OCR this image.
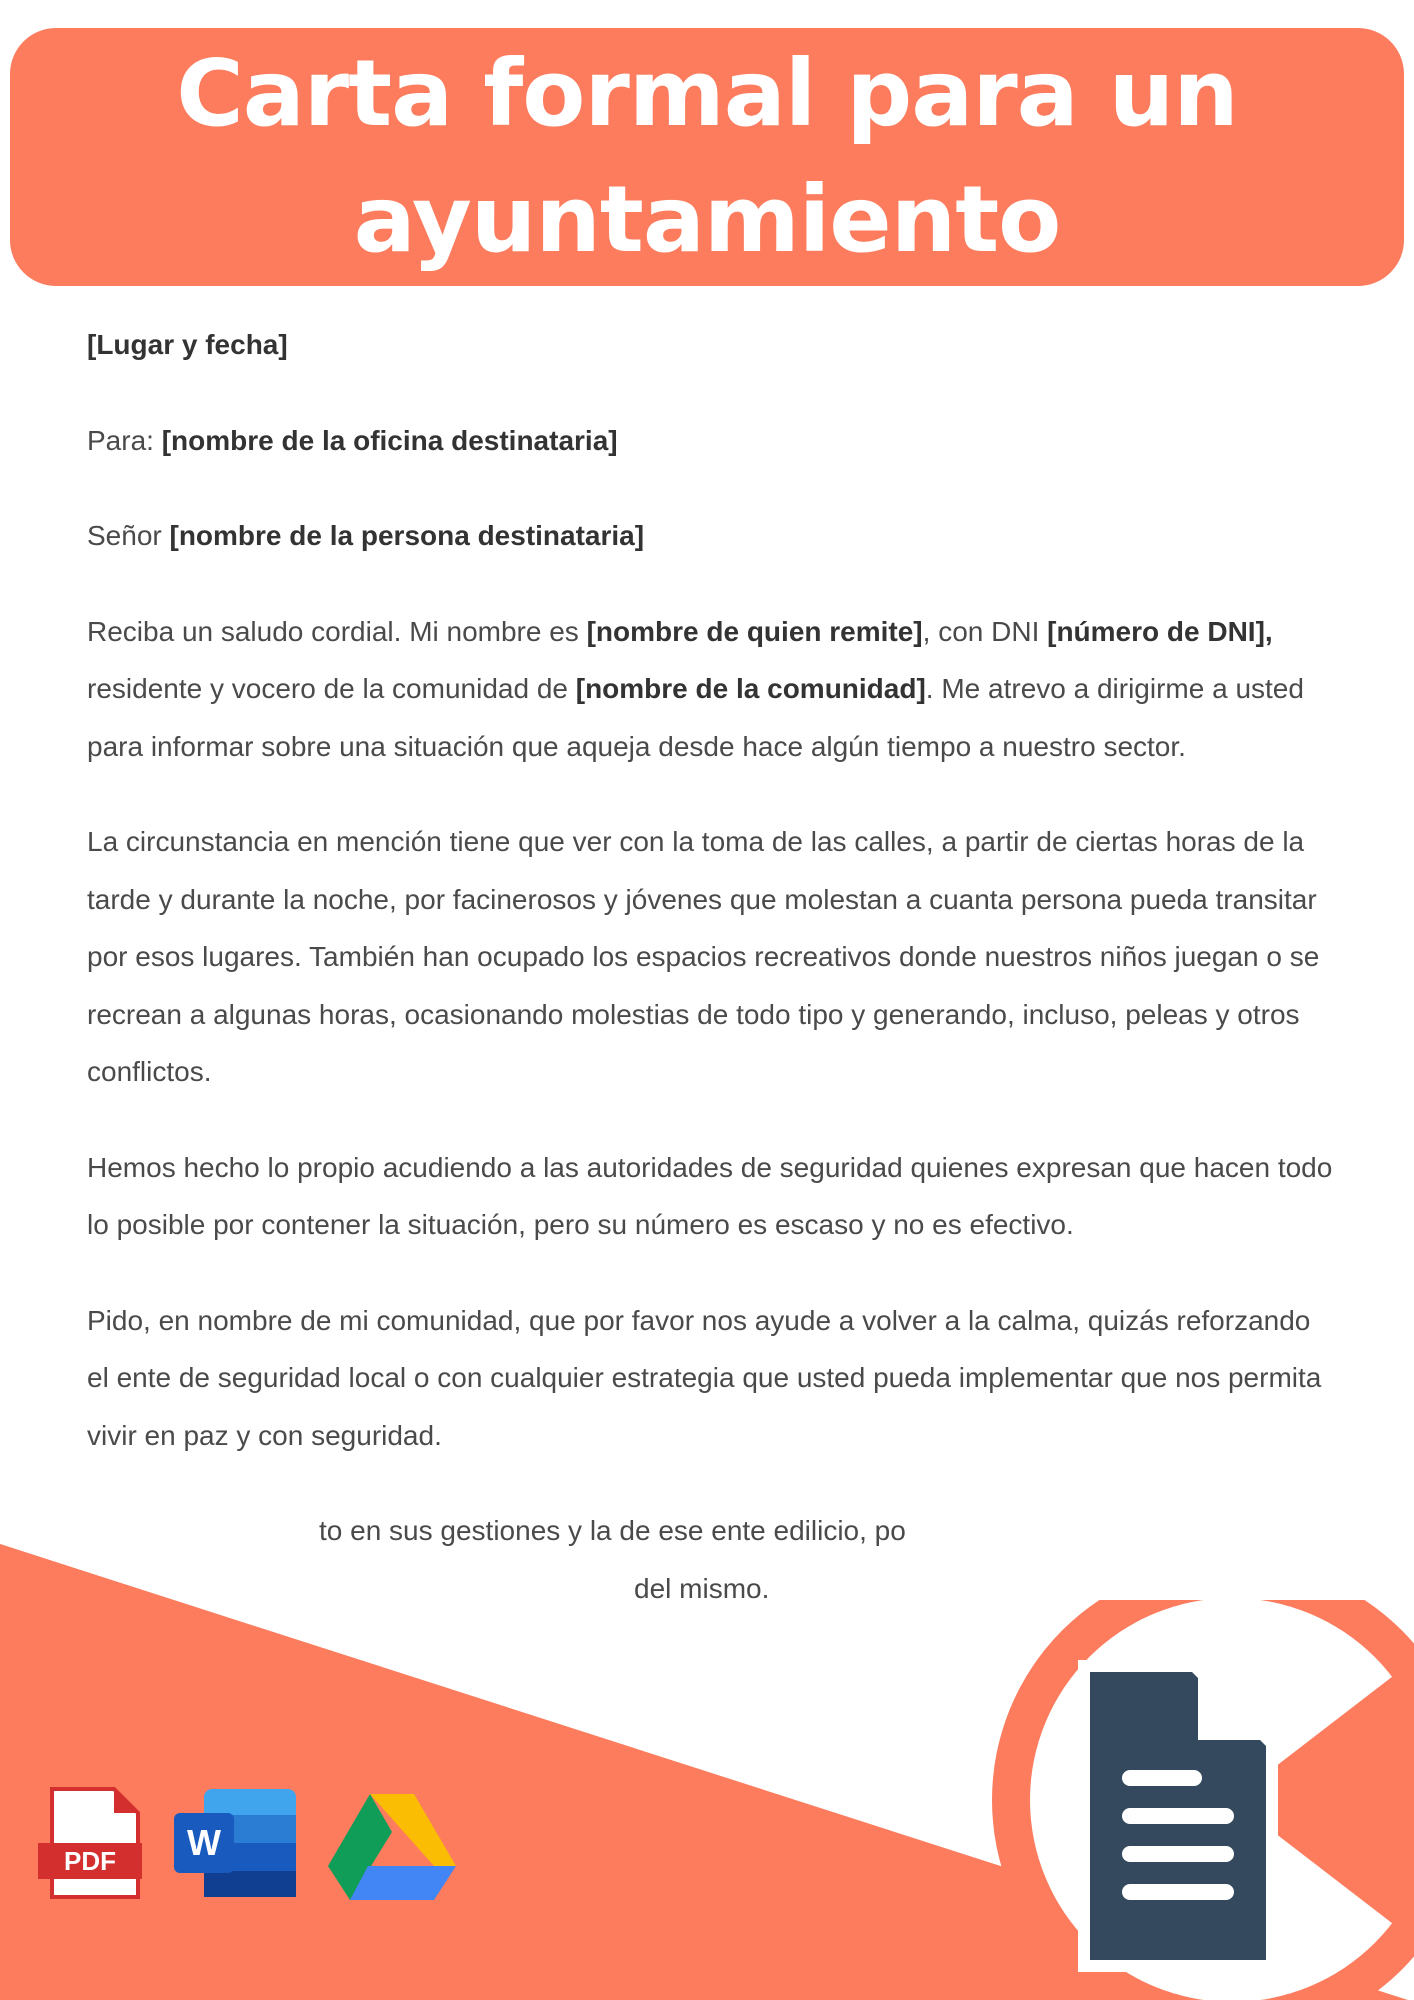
Carta formal para un
ayuntamiento

[Lugar y fecha]

Para: [nombre de la oficina destinataria]

Señor [nombre de la persona destinataria]

Reciba un saludo cordial. Mi nombre es [nombre de quien remite], con DNI [número de DNI], residente y vocero de la comunidad de [nombre de la comunidad]. Me atrevo a dirigirme a usted para informar sobre una situación que aqueja desde hace algún tiempo a nuestro sector.

La circunstancia en mención tiene que ver con la toma de las calles, a partir de ciertas horas de la tarde y durante la noche, por facinerosos y jóvenes que molestan a cuanta persona pueda transitar por esos lugares. También han ocupado los espacios recreativos donde nuestros niños juegan o se recrean a algunas horas, ocasionando molestias de todo tipo y generando, incluso, peleas y otros conflictos.

Hemos hecho lo propio acudiendo a las autoridades de seguridad quienes expresan que hacen todo lo posible por contener la situación, pero su número es escaso y no es efectivo.

Pido, en nombre de mi comunidad, que por favor nos ayude a volver a la calma, quizás reforzando el ente de seguridad local o con cualquier estrategia que usted pueda implementar que nos permita vivir en paz y con seguridad.

to en sus gestiones y la de ese ente edilicio, po
del mismo.

PDF W
